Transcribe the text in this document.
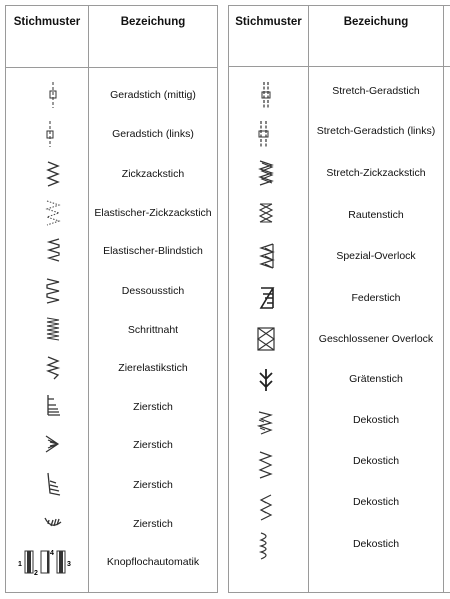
Stichmuster	Bezeichung
Geradstich (mittig)
Geradstich (links)
Zickzackstich
Elastischer-Zickzackstich
Elastischer-Blindstich
Dessousstich
Schrittnaht
Zierelastikstich
Zierstich
Zierstich
Zierstich
Zierstich
1
2
3
4
Knopflochautomatik
Stichmuster	Bezeichung
Stretch-Geradstich
Stretch-Geradstich (links)
Stretch-Zickzackstich
Rautenstich
Spezial-Overlock
Federstich
Geschlossener Overlock
Grätenstich
Dekostich
Dekostich
Dekostich
Dekostich
